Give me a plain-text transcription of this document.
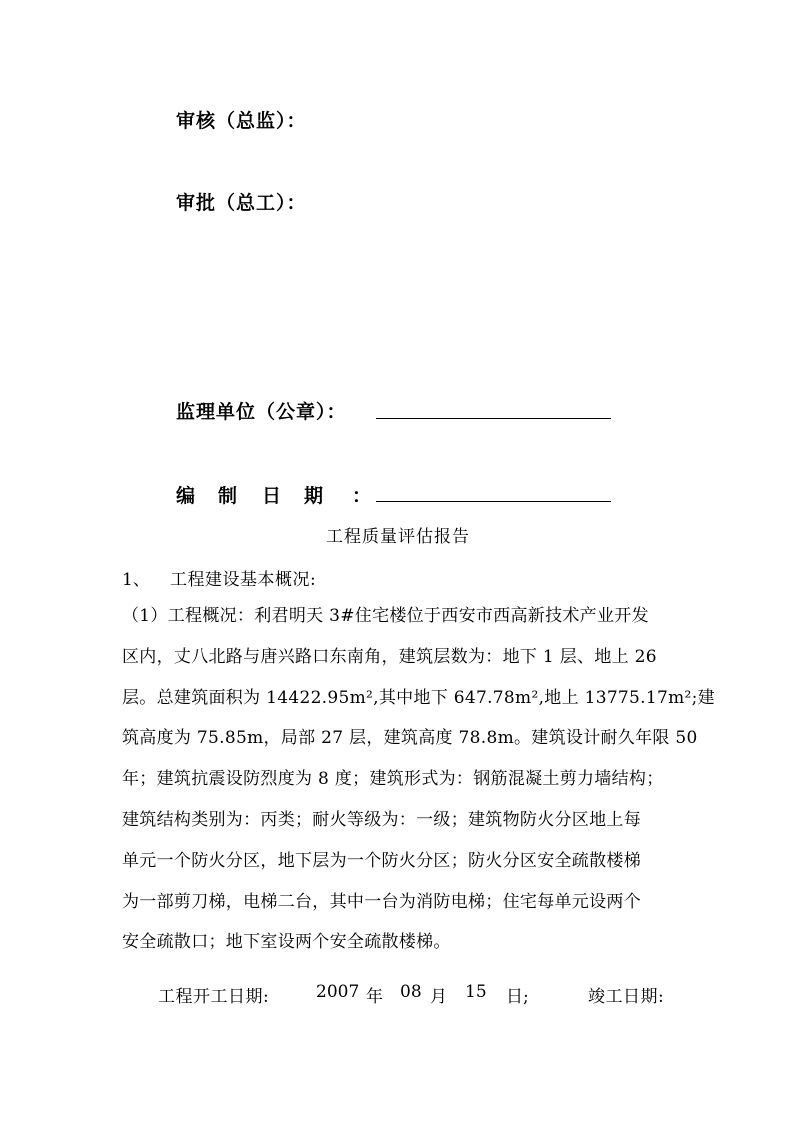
审核（总监）：
审批（总工）：
监理单位（公章）：
编 制 日 期 ：
工程质量评估报告
1、 工程建设基本概况:

（1）工程概况：利君明天 3#住宅楼位于西安市西高新技术产业开发

区内，丈八北路与唐兴路口东南角，建筑层数为：地下 1 层、地上 26

层。总建筑面积为 14422.95m²,其中地下 647.78m²,地上 13775.17m²;建

筑高度为 75.85m，局部 27 层，建筑高度 78.8m。建筑设计耐久年限 50

年；建筑抗震设防烈度为 8 度；建筑形式为：钢筋混凝土剪力墙结构；

建筑结构类别为：丙类；耐火等级为：一级；建筑物防火分区地上每

单元一个防火分区，地下层为一个防火分区；防火分区安全疏散楼梯

为一部剪刀梯，电梯二台，其中一台为消防电梯；住宅每单元设两个

安全疏散口；地下室设两个安全疏散楼梯。

工程开工日期:	2007 年 08 月 15 日;	竣工日期:
